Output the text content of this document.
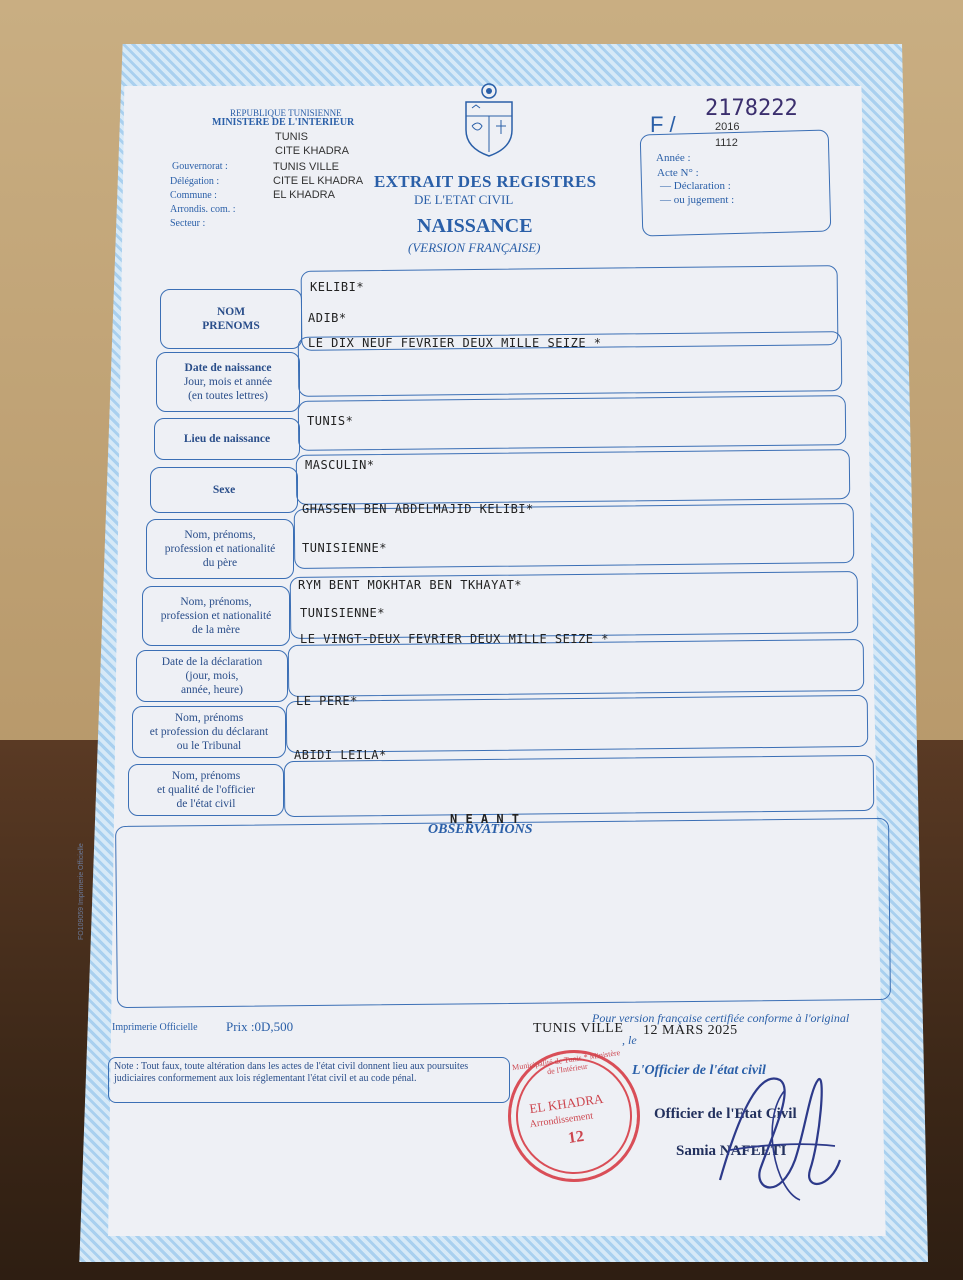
REPUBLIQUE TUNISIENNE
MINISTERE DE L'INTERIEUR
Gouvernorat :
Délégation :
Commune :
Arrondis. com. :
Secteur :
TUNIS
CITE KHADRA
TUNIS VILLE
CITE EL KHADRA
EL KHADRA
EXTRAIT DES REGISTRES
DE L'ETAT CIVIL
NAISSANCE
(VERSION FRANÇAISE)
F /
2178222
Année :
2016
Acte N° :
1112
— Déclaration :
— ou jugement :
NOM
PRENOMS
KELIBI*
ADIB*
Date de naissance
Jour, mois et année
(en toutes lettres)
LE DIX NEUF FEVRIER DEUX MILLE SEIZE *
Lieu de naissance
TUNIS*
Sexe
MASCULIN*
Nom, prénoms,
profession et nationalité
du père
GHASSEN BEN ABDELMAJID KELIBI*
TUNISIENNE*
Nom, prénoms,
profession et nationalité
de la mère
RYM BENT MOKHTAR BEN TKHAYAT*
TUNISIENNE*
Date de la déclaration
(jour, mois,
année, heure)
LE VINGT-DEUX FEVRIER DEUX MILLE SEIZE *
Nom, prénoms
et profession du déclarant
ou le Tribunal
LE PERE*
Nom, prénoms
et qualité de l'officier
de l'état civil
ABIDI LEILA*
OBSERVATIONS
N E A N T
FO109059 Imprimerie Officielle
Imprimerie Officielle Prix :0D,500
Pour version française certifiée conforme à l'original
TUNIS VILLE
, le
12 MARS 2025
Note : Tout faux, toute altération dans les actes de l'état civil donnent lieu aux poursuites judiciaires conformement aux lois réglementant l'état civil et au code pénal.
L'Officier de l'état civil
Officier de l'Etat Civil
Samia NAFEETI
Municipalité de Tunis * Ministère de l'Intérieur
EL KHADRA
Arrondissement
12
